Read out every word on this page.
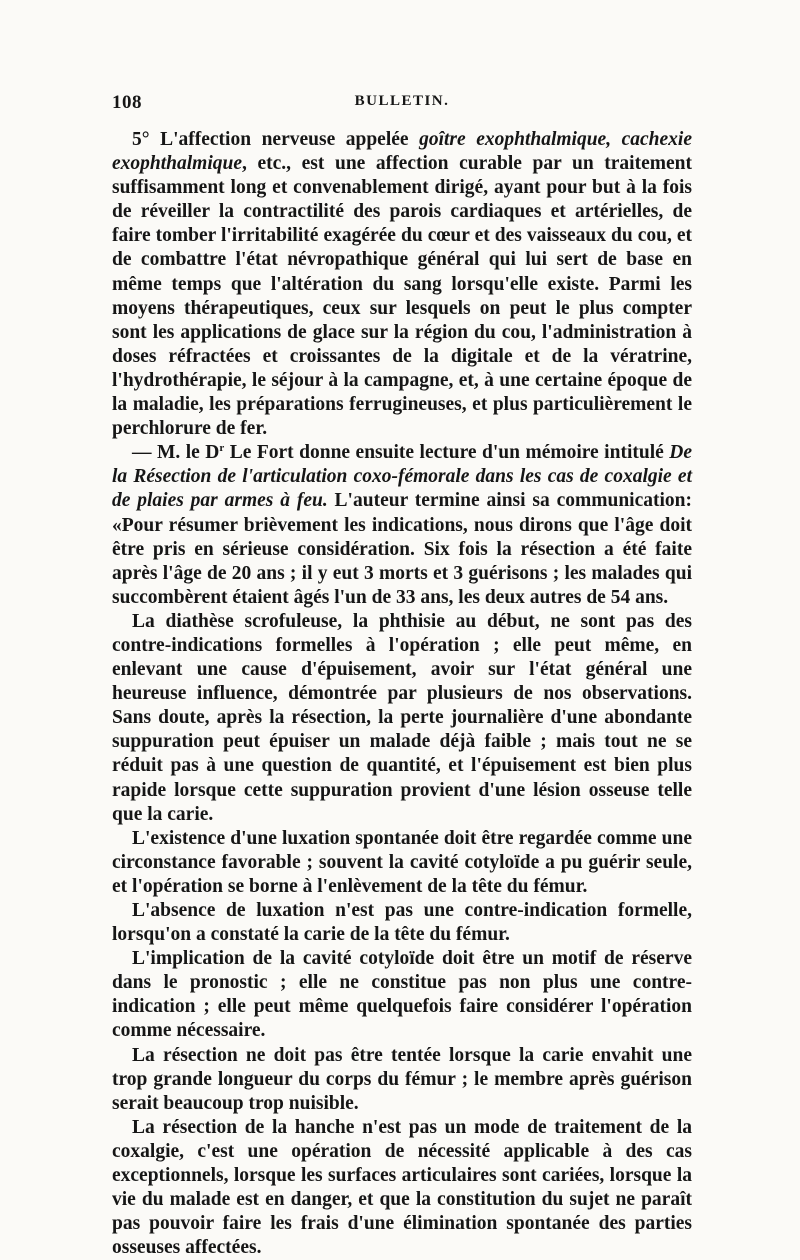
108	BULLETIN.

5° L'affection nerveuse appelée goître exophthalmique, cachexie exophthalmique, etc., est une affection curable par un traitement suffisamment long et convenablement dirigé, ayant pour but à la fois de réveiller la contractilité des parois cardiaques et artérielles, de faire tomber l'irritabilité exagérée du cœur et des vaisseaux du cou, et de combattre l'état névropathique général qui lui sert de base en même temps que l'altération du sang lorsqu'elle existe. Parmi les moyens thérapeutiques, ceux sur lesquels on peut le plus compter sont les applications de glace sur la région du cou, l'administration à doses réfractées et croissantes de la digitale et de la vératrine, l'hydrothérapie, le séjour à la campagne, et, à une certaine époque de la maladie, les préparations ferrugineuses, et plus particulièrement le perchlorure de fer.

— M. le $D^r$ Le Fort donne ensuite lecture d'un mémoire intitulé De la Résection de l'articulation coxo-fémorale dans les cas de coxalgie et de plaies par armes à feu. L'auteur termine ainsi sa communication: «Pour résumer brièvement les indications, nous dirons que l'âge doit être pris en sérieuse considération. Six fois la résection a été faite après l'âge de 20 ans ; il y eut 3 morts et 3 guérisons ; les malades qui succombèrent étaient âgés l'un de 33 ans, les deux autres de 54 ans.

La diathèse scrofuleuse, la phthisie au début, ne sont pas des contre-indications formelles à l'opération ; elle peut même, en enlevant une cause d'épuisement, avoir sur l'état général une heureuse influence, démontrée par plusieurs de nos observations. Sans doute, après la résection, la perte journalière d'une abondante suppuration peut épuiser un malade déjà faible ; mais tout ne se réduit pas à une question de quantité, et l'épuisement est bien plus rapide lorsque cette suppuration provient d'une lésion osseuse telle que la carie.

L'existence d'une luxation spontanée doit être regardée comme une circonstance favorable ; souvent la cavité cotyloïde a pu guérir seule, et l'opération se borne à l'enlèvement de la tête du fémur.

L'absence de luxation n'est pas une contre-indication formelle, lorsqu'on a constaté la carie de la tête du fémur.

L'implication de la cavité cotyloïde doit être un motif de réserve dans le pronostic ; elle ne constitue pas non plus une contre-indication ; elle peut même quelquefois faire considérer l'opération comme nécessaire.

La résection ne doit pas être tentée lorsque la carie envahit une trop grande longueur du corps du fémur ; le membre après guérison serait beaucoup trop nuisible.

La résection de la hanche n'est pas un mode de traitement de la coxalgie, c'est une opération de nécessité applicable à des cas exceptionnels, lorsque les surfaces articulaires sont cariées, lorsque la vie du malade est en danger, et que la constitution du sujet ne paraît pas pouvoir faire les frais d'une élimination spontanée des parties osseuses affectées.
